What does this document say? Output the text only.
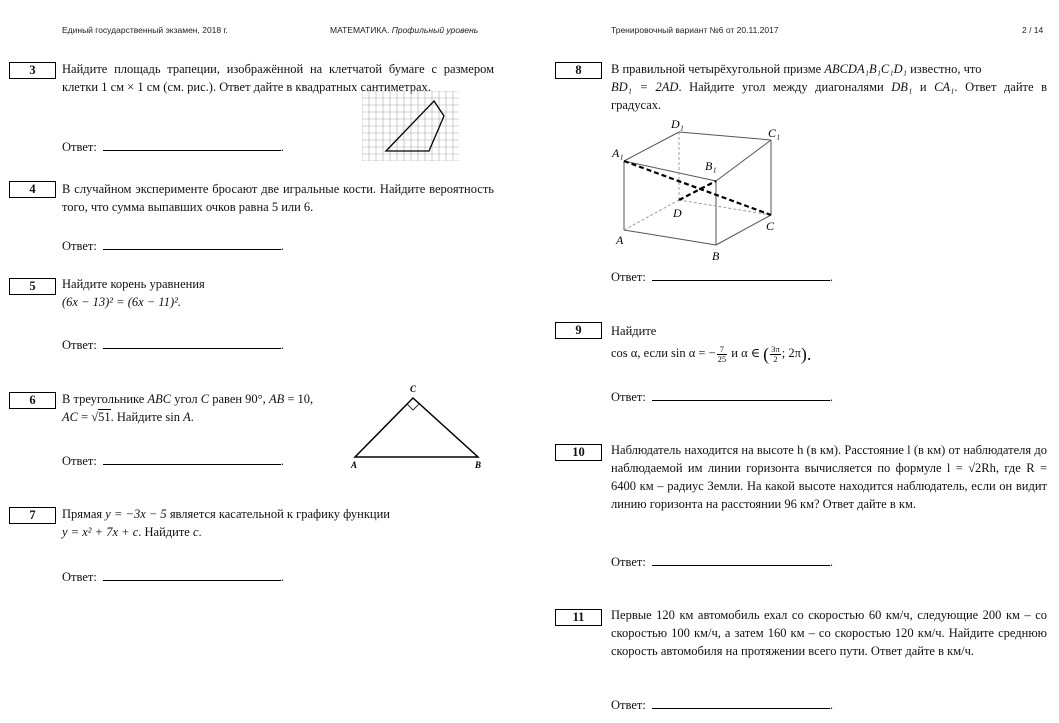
Единый государственный экзамен, 2018 г.	МАТЕМАТИКА. Профильный уровень	Тренировочный вариант №6 от 20.11.2017	2 / 14
3	Найдите площадь трапеции, изображённой на клетчатой бумаге с размером клетки 1 см × 1 см (см. рис.). Ответ дайте в квадратных сантиметрах.
Ответ:	.
4	В случайном эксперименте бросают две игральные кости. Найдите вероятность того, что сумма выпавших очков равна 5 или 6.
Ответ:	.
5	Найдите корень уравнения
(6x − 13)² = (6x − 11)².
Ответ:	.
6	В треугольнике ABC угол C равен 90°, AB = 10,
AC = √51. Найдите sin A.
C
A	B
Ответ:	.
7	Прямая y = −3x − 5 является касательной к графику функции
y = x² + 7x + c. Найдите c.
Ответ:	.
8	В правильной четырёхугольной призме ABCDA₁B₁C₁D₁ известно, что
BD₁ = 2AD. Найдите угол между диагоналями DB₁ и CA₁. Ответ дайте в градусах.
A₁
B₁
C₁
D₁
A
B
C
D
Ответ:	.
9	Найдите
cos α, если sin α = − $\frac{7}{25}$ и α ∈ ( $\frac{3\pi}{2}$ ; 2π).
Ответ:	.
10	Наблюдатель находится на высоте h (в км). Расстояние l (в км) от наблюдателя до наблюдаемой им линии горизонта вычисляется по формуле l = √2Rh, где R = 6400 км – радиус Земли. На какой высоте находится наблюдатель, если он видит линию горизонта на расстоянии 96 км? Ответ дайте в км.
Ответ:	.
11	Первые 120 км автомобиль ехал со скоростью 60 км/ч, следующие 200 км – со скоростью 100 км/ч, а затем 160 км – со скоростью 120 км/ч. Найдите среднюю скорость автомобиля на протяжении всего пути. Ответ дайте в км/ч.
Ответ:	.
